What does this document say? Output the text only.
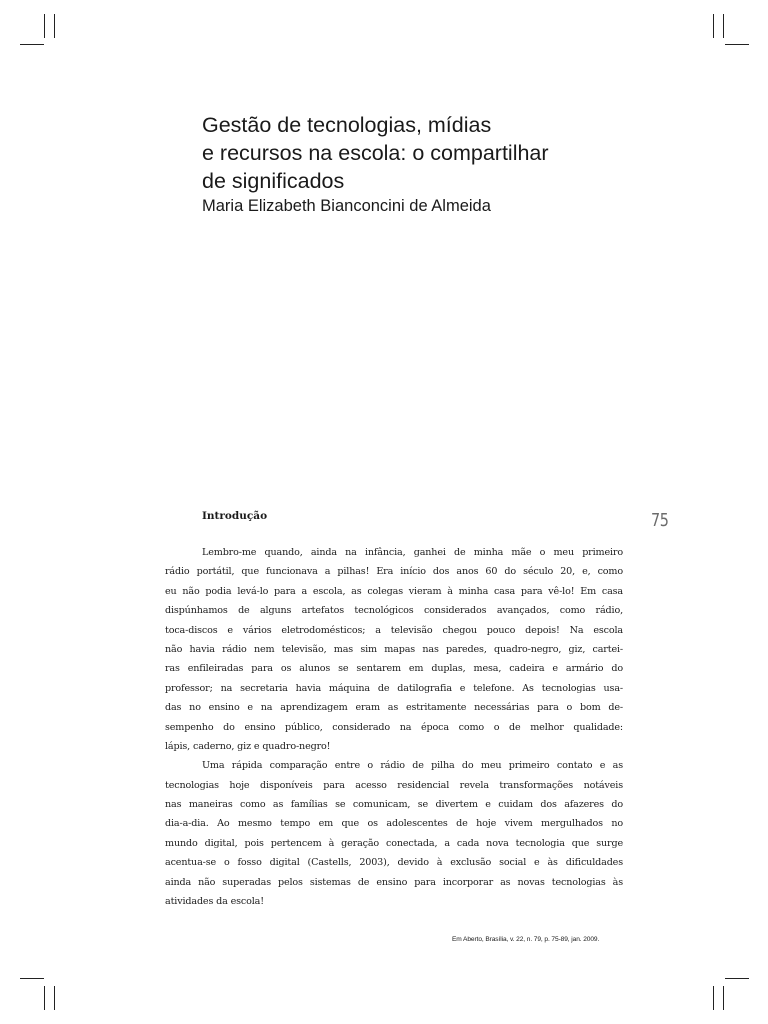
Gestão de tecnologias, mídias
e recursos na escola: o compartilhar
de significados
Maria Elizabeth Bianconcini de Almeida
Introdução	75
Lembro-me quando, ainda na infância, ganhei de minha mãe o meu primeiro
rádio portátil, que funcionava a pilhas! Era início dos anos 60 do século 20, e, como
eu não podia levá-lo para a escola, as colegas vieram à minha casa para vê-lo! Em casa
dispúnhamos de alguns artefatos tecnológicos considerados avançados, como rádio,
toca-discos e vários eletrodomésticos; a televisão chegou pouco depois! Na escola
não havia rádio nem televisão, mas sim mapas nas paredes, quadro-negro, giz, cartei-
ras enfileiradas para os alunos se sentarem em duplas, mesa, cadeira e armário do
professor; na secretaria havia máquina de datilografia e telefone. As tecnologias usa-
das no ensino e na aprendizagem eram as estritamente necessárias para o bom de-
sempenho do ensino público, considerado na época como o de melhor qualidade:
lápis, caderno, giz e quadro-negro!
Uma rápida comparação entre o rádio de pilha do meu primeiro contato e as
tecnologias hoje disponíveis para acesso residencial revela transformações notáveis
nas maneiras como as famílias se comunicam, se divertem e cuidam dos afazeres do
dia-a-dia. Ao mesmo tempo em que os adolescentes de hoje vivem mergulhados no
mundo digital, pois pertencem à geração conectada, a cada nova tecnologia que surge
acentua-se o fosso digital (Castells, 2003), devido à exclusão social e às dificuldades
ainda não superadas pelos sistemas de ensino para incorporar as novas tecnologias às
atividades da escola!
Em Aberto, Brasília, v. 22, n. 79, p. 75-89, jan. 2009.
